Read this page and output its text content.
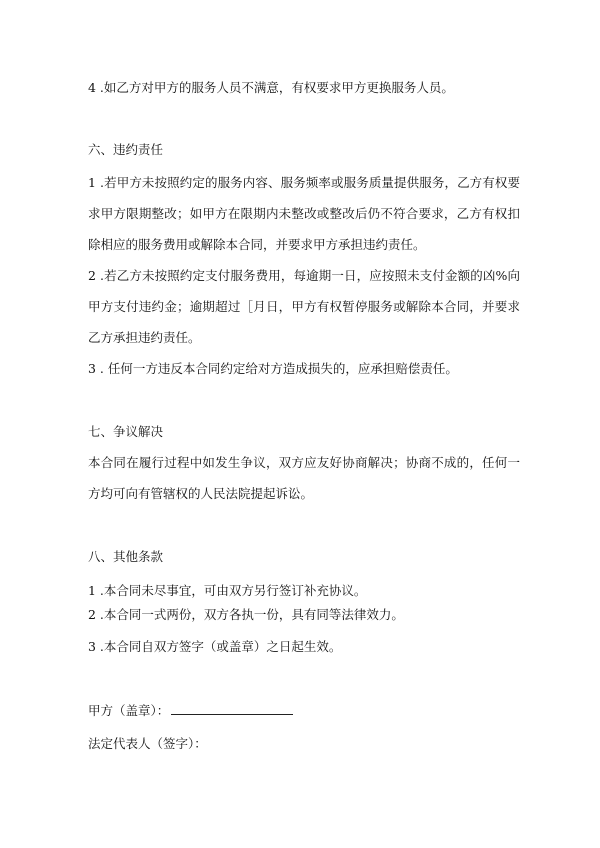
4 .如乙方对甲方的服务人员不满意，有权要求甲方更换服务人员。
六、违约责任
1 .若甲方未按照约定的服务内容、服务频率或服务质量提供服务，乙方有权要
求甲方限期整改；如甲方在限期内未整改或整改后仍不符合要求，乙方有权扣
除相应的服务费用或解除本合同，并要求甲方承担违约责任。
2 .若乙方未按照约定支付服务费用，每逾期一日，应按照未支付金额的凶%向
甲方支付违约金；逾期超过［月日，甲方有权暂停服务或解除本合同，并要求
乙方承担违约责任。
3 . 任何一方违反本合同约定给对方造成损失的，应承担赔偿责任。
七、争议解决
本合同在履行过程中如发生争议，双方应友好协商解决；协商不成的，任何一
方均可向有管辖权的人民法院提起诉讼。
八、其他条款
1 .本合同未尽事宜，可由双方另行签订补充协议。
2 .本合同一式两份，双方各执一份，具有同等法律效力。
3 .本合同自双方签字（或盖章）之日起生效。
甲方（盖章）：
法定代表人（签字）：
